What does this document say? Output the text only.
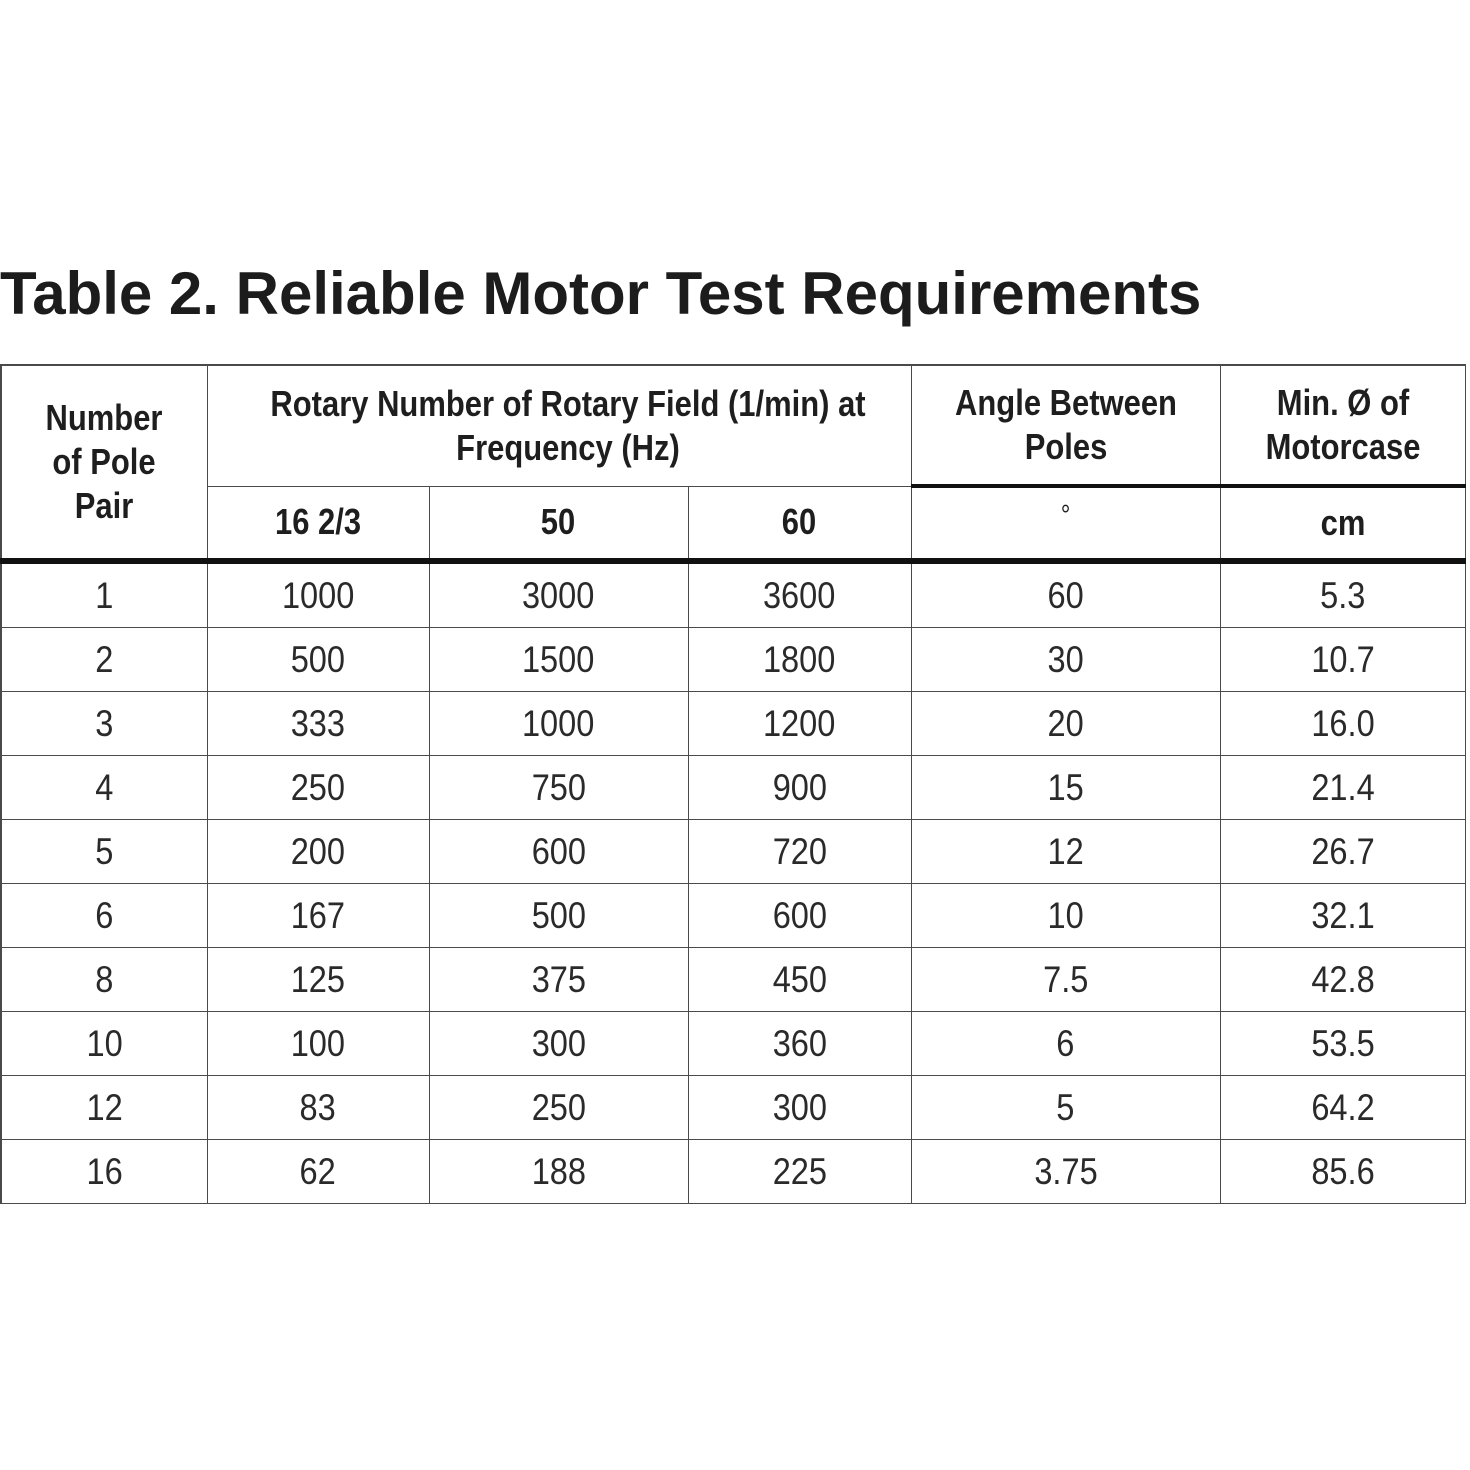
Table 2. Reliable Motor Test Requirements
Number of Pole Pair	Rotary Number of Rotary Field (1/min) at Frequency (Hz)			Angle Between Poles	Min. Ø of Motorcase
	16 2/3	50	60	°	cm
1	1000	3000	3600	60	5.3
2	500	1500	1800	30	10.7
3	333	1000	1200	20	16.0
4	250	750	900	15	21.4
5	200	600	720	12	26.7
6	167	500	600	10	32.1
8	125	375	450	7.5	42.8
10	100	300	360	6	53.5
12	83	250	300	5	64.2
16	62	188	225	3.75	85.6
